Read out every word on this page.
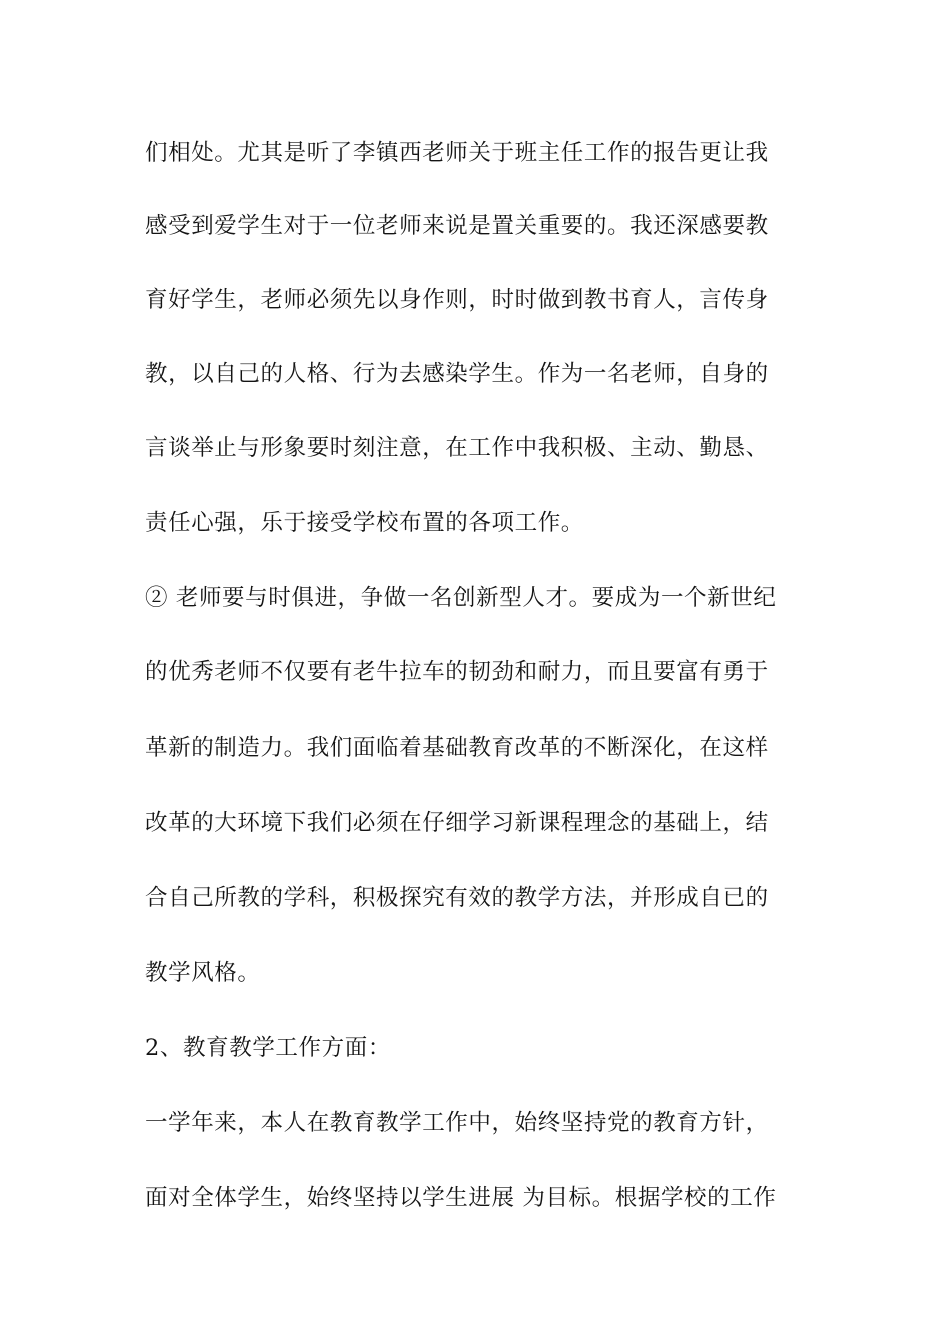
们相处。尤其是听了李镇西老师关于班主任工作的报告更让我
感受到爱学生对于一位老师来说是置关重要的。我还深感要教
育好学生，老师必须先以身作则，时时做到教书育人，言传身
教，以自己的人格、行为去感染学生。作为一名老师，自身的
言谈举止与形象要时刻注意，在工作中我积极、主动、勤恳、
责任心强，乐于接受学校布置的各项工作。
② 老师要与时俱进，争做一名创新型人才。要成为一个新世纪
的优秀老师不仅要有老牛拉车的韧劲和耐力，而且要富有勇于
革新的制造力。我们面临着基础教育改革的不断深化，在这样
改革的大环境下我们必须在仔细学习新课程理念的基础上，结
合自己所教的学科，积极探究有效的教学方法，并形成自已的
教学风格。
2、教育教学工作方面：
一学年来，本人在教育教学工作中，始终坚持党的教育方针，
面对全体学生，始终坚持以学生进展 为目标。根据学校的工作
